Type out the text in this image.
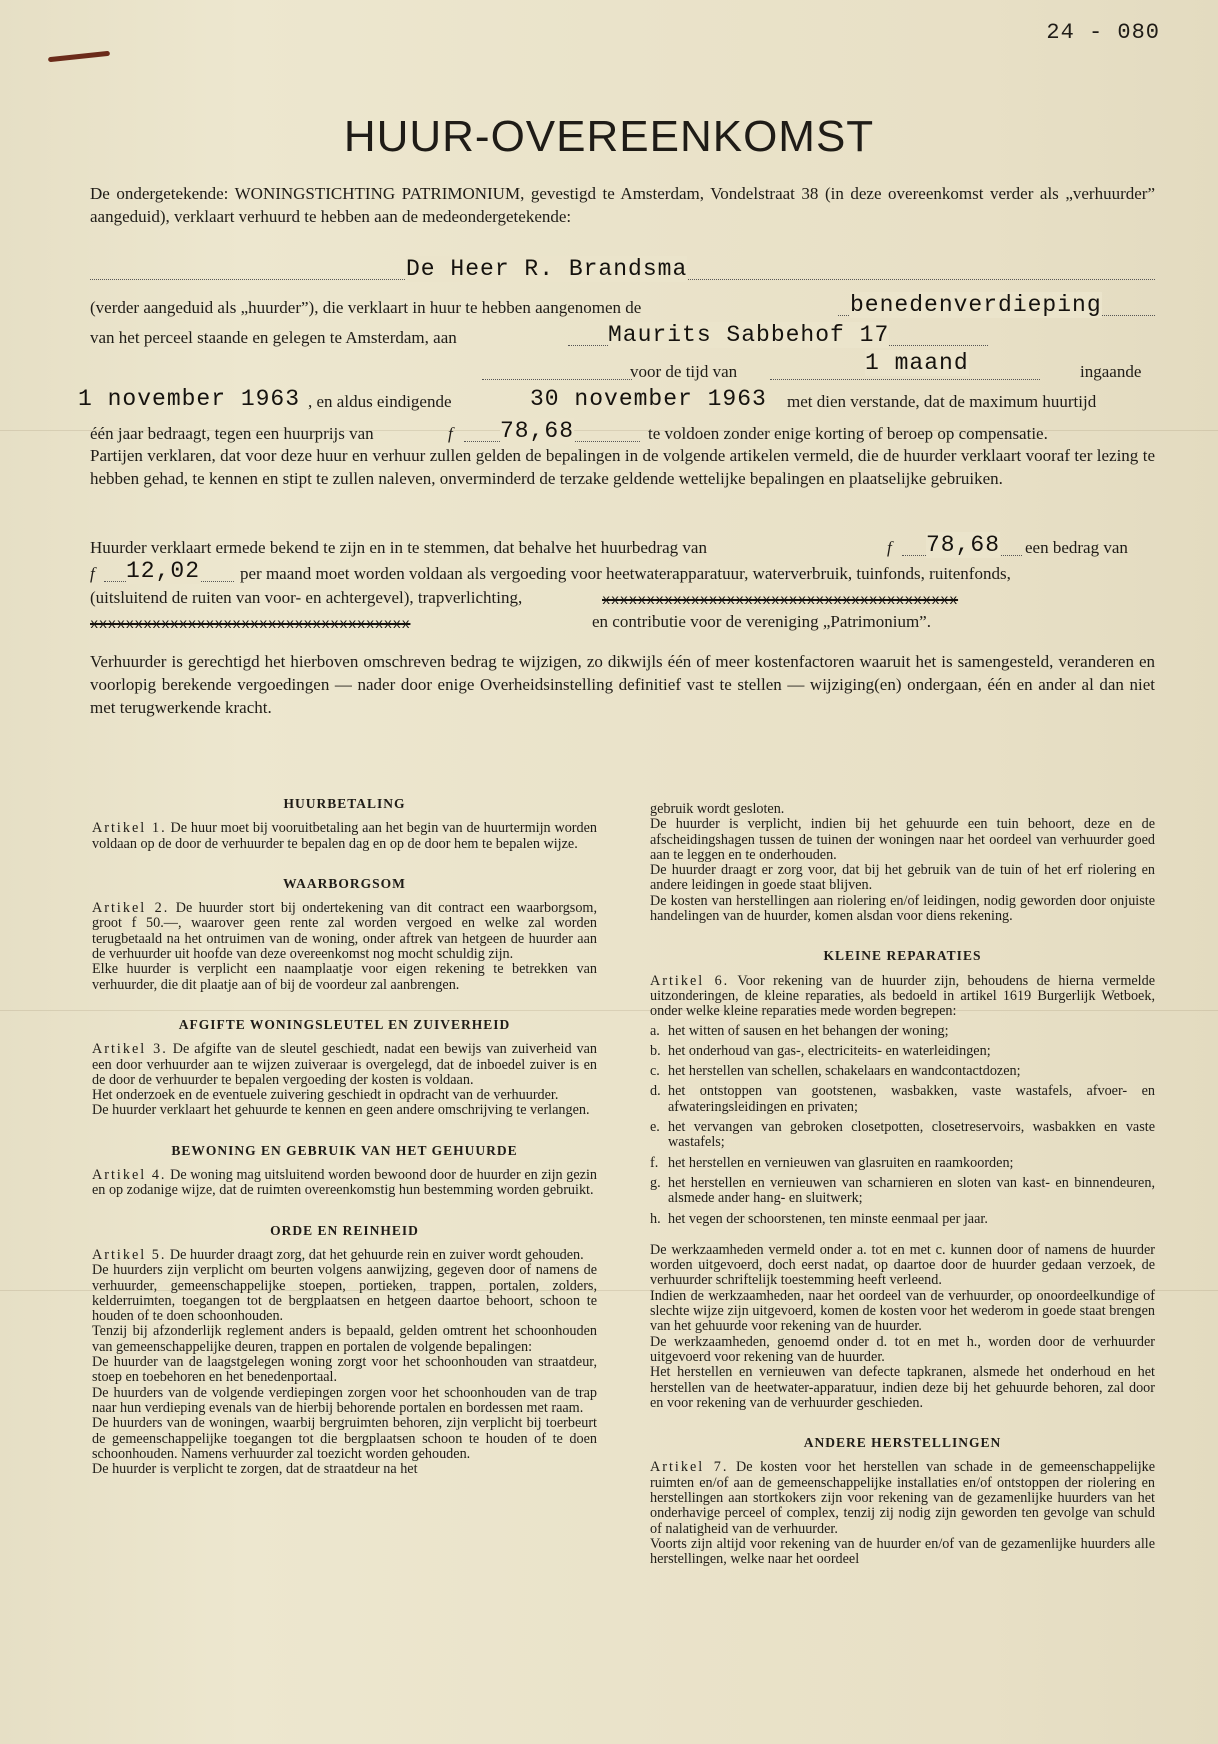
24 - 080
HUUR-OVEREENKOMST
De ondergetekende: WONINGSTICHTING PATRIMONIUM, gevestigd te Amsterdam, Vondelstraat 38 (in deze overeenkomst verder als „verhuurder” aangeduid), verklaart verhuurd te hebben aan de medeondergetekende:
De Heer R. Brandsma
(verder aangeduid als „huurder”), die verklaart in huur te hebben aangenomen de	benedenverdieping
van het perceel staande en gelegen te Amsterdam, aan	Maurits Sabbehof 17
voor de tijd van	1 maand	ingaande
1 november 1963 , en aldus eindigende	30 november 1963 met dien verstande, dat de maximum huurtijd
één jaar bedraagt, tegen een huurprijs van	f 78,68	te voldoen zonder enige korting of beroep op compensatie.
Partijen verklaren, dat voor deze huur en verhuur zullen gelden de bepalingen in de volgende artikelen vermeld, die de huurder verklaart vooraf ter lezing te hebben gehad, te kennen en stipt te zullen naleven, onverminderd de terzake geldende wettelijke bepalingen en plaatselijke gebruiken.
Huurder verklaart ermede bekend te zijn en in te stemmen, dat behalve het huurbedrag van	f 78,68 een bedrag van
f 12,02 per maand moet worden voldaan als vergoeding voor heetwaterapparatuur, waterverbruik, tuinfonds, ruitenfonds,
(uitsluitend de ruiten van voor- en achtergevel), trapverlichting,	xxxxxxxxxxxxxxxxxxxxxxxxxxxxxxxxxxxxxxxx
xxxxxxxxxxxxxxxxxxxxxxxxxxxxxxxxxxxx	en contributie voor de vereniging „Patrimonium”.
Verhuurder is gerechtigd het hierboven omschreven bedrag te wijzigen, zo dikwijls één of meer kostenfactoren waaruit het is samengesteld, veranderen en voorlopig berekende vergoedingen — nader door enige Overheidsinstelling definitief vast te stellen — wijziging(en) ondergaan, één en ander al dan niet met terugwerkende kracht.
HUURBETALING

Artikel 1. De huur moet bij vooruitbetaling aan het begin van de huurtermijn worden voldaan op de door de verhuurder te bepalen dag en op de door hem te bepalen wijze.

WAARBORGSOM

Artikel 2. De huurder stort bij ondertekening van dit contract een waarborgsom, groot f 50.—, waarover geen rente zal worden vergoed en welke zal worden terugbetaald na het ontruimen van de woning, onder aftrek van hetgeen de huurder aan de verhuurder uit hoofde van deze overeenkomst nog mocht schuldig zijn.

Elke huurder is verplicht een naamplaatje voor eigen rekening te betrekken van verhuurder, die dit plaatje aan of bij de voordeur zal aanbrengen.

AFGIFTE WONINGSLEUTEL EN ZUIVERHEID

Artikel 3. De afgifte van de sleutel geschiedt, nadat een bewijs van zuiverheid van een door verhuurder aan te wijzen zuiveraar is overgelegd, dat de inboedel zuiver is en de door de verhuurder te bepalen vergoeding der kosten is voldaan.

Het onderzoek en de eventuele zuivering geschiedt in opdracht van de verhuurder.

De huurder verklaart het gehuurde te kennen en geen andere omschrijving te verlangen.

BEWONING EN GEBRUIK VAN HET GEHUURDE

Artikel 4. De woning mag uitsluitend worden bewoond door de huurder en zijn gezin en op zodanige wijze, dat de ruimten overeenkomstig hun bestemming worden gebruikt.

ORDE EN REINHEID

Artikel 5. De huurder draagt zorg, dat het gehuurde rein en zuiver wordt gehouden.

De huurders zijn verplicht om beurten volgens aanwijzing, gegeven door of namens de verhuurder, gemeenschappelijke stoepen, portieken, trappen, portalen, zolders, kelderruimten, toegangen tot de bergplaatsen en hetgeen daartoe behoort, schoon te houden of te doen schoonhouden.

Tenzij bij afzonderlijk reglement anders is bepaald, gelden omtrent het schoonhouden van gemeenschappelijke deuren, trappen en portalen de volgende bepalingen:

De huurder van de laagstgelegen woning zorgt voor het schoonhouden van straatdeur, stoep en toebehoren en het benedenportaal.

De huurders van de volgende verdiepingen zorgen voor het schoonhouden van de trap naar hun verdieping evenals van de hierbij behorende portalen en bordessen met raam.

De huurders van de woningen, waarbij bergruimten behoren, zijn verplicht bij toerbeurt de gemeenschappelijke toegangen tot die bergplaatsen schoon te houden of te doen schoonhouden. Namens verhuurder zal toezicht worden gehouden.

De huurder is verplicht te zorgen, dat de straatdeur na het

gebruik wordt gesloten.

De huurder is verplicht, indien bij het gehuurde een tuin behoort, deze en de afscheidingshagen tussen de tuinen der woningen naar het oordeel van verhuurder goed aan te leggen en te onderhouden.

De huurder draagt er zorg voor, dat bij het gebruik van de tuin of het erf riolering en andere leidingen in goede staat blijven.

De kosten van herstellingen aan riolering en/of leidingen, nodig geworden door onjuiste handelingen van de huurder, komen alsdan voor diens rekening.

KLEINE REPARATIES

Artikel 6. Voor rekening van de huurder zijn, behoudens de hierna vermelde uitzonderingen, de kleine reparaties, als bedoeld in artikel 1619 Burgerlijk Wetboek, onder welke kleine reparaties mede worden begrepen:

a. het witten of sausen en het behangen der woning;
b. het onderhoud van gas-, electriciteits- en waterleidingen;
c. het herstellen van schellen, schakelaars en wandcontactdozen;
d. het ontstoppen van gootstenen, wasbakken, vaste wastafels, afvoer- en afwateringsleidingen en privaten;
e. het vervangen van gebroken closetpotten, closetreservoirs, wasbakken en vaste wastafels;
f. het herstellen en vernieuwen van glasruiten en raamkoorden;
g. het herstellen en vernieuwen van scharnieren en sloten van kast- en binnendeuren, alsmede ander hang- en sluitwerk;
h. het vegen der schoorstenen, ten minste eenmaal per jaar.

De werkzaamheden vermeld onder a. tot en met c. kunnen door of namens de huurder worden uitgevoerd, doch eerst nadat, op daartoe door de huurder gedaan verzoek, de verhuurder schriftelijk toestemming heeft verleend.

Indien de werkzaamheden, naar het oordeel van de verhuurder, op onoordeelkundige of slechte wijze zijn uitgevoerd, komen de kosten voor het wederom in goede staat brengen van het gehuurde voor rekening van de huurder.

De werkzaamheden, genoemd onder d. tot en met h., worden door de verhuurder uitgevoerd voor rekening van de huurder.

Het herstellen en vernieuwen van defecte tapkranen, alsmede het onderhoud en het herstellen van de heetwater-apparatuur, indien deze bij het gehuurde behoren, zal door en voor rekening van de verhuurder geschieden.

ANDERE HERSTELLINGEN

Artikel 7. De kosten voor het herstellen van schade in de gemeenschappelijke ruimten en/of aan de gemeenschappelijke installaties en/of ontstoppen der riolering en herstellingen aan stortkokers zijn voor rekening van de gezamenlijke huurders van het onderhavige perceel of complex, tenzij zij nodig zijn geworden ten gevolge van schuld of nalatigheid van de verhuurder.

Voorts zijn altijd voor rekening van de huurder en/of van de gezamenlijke huurders alle herstellingen, welke naar het oordeel
